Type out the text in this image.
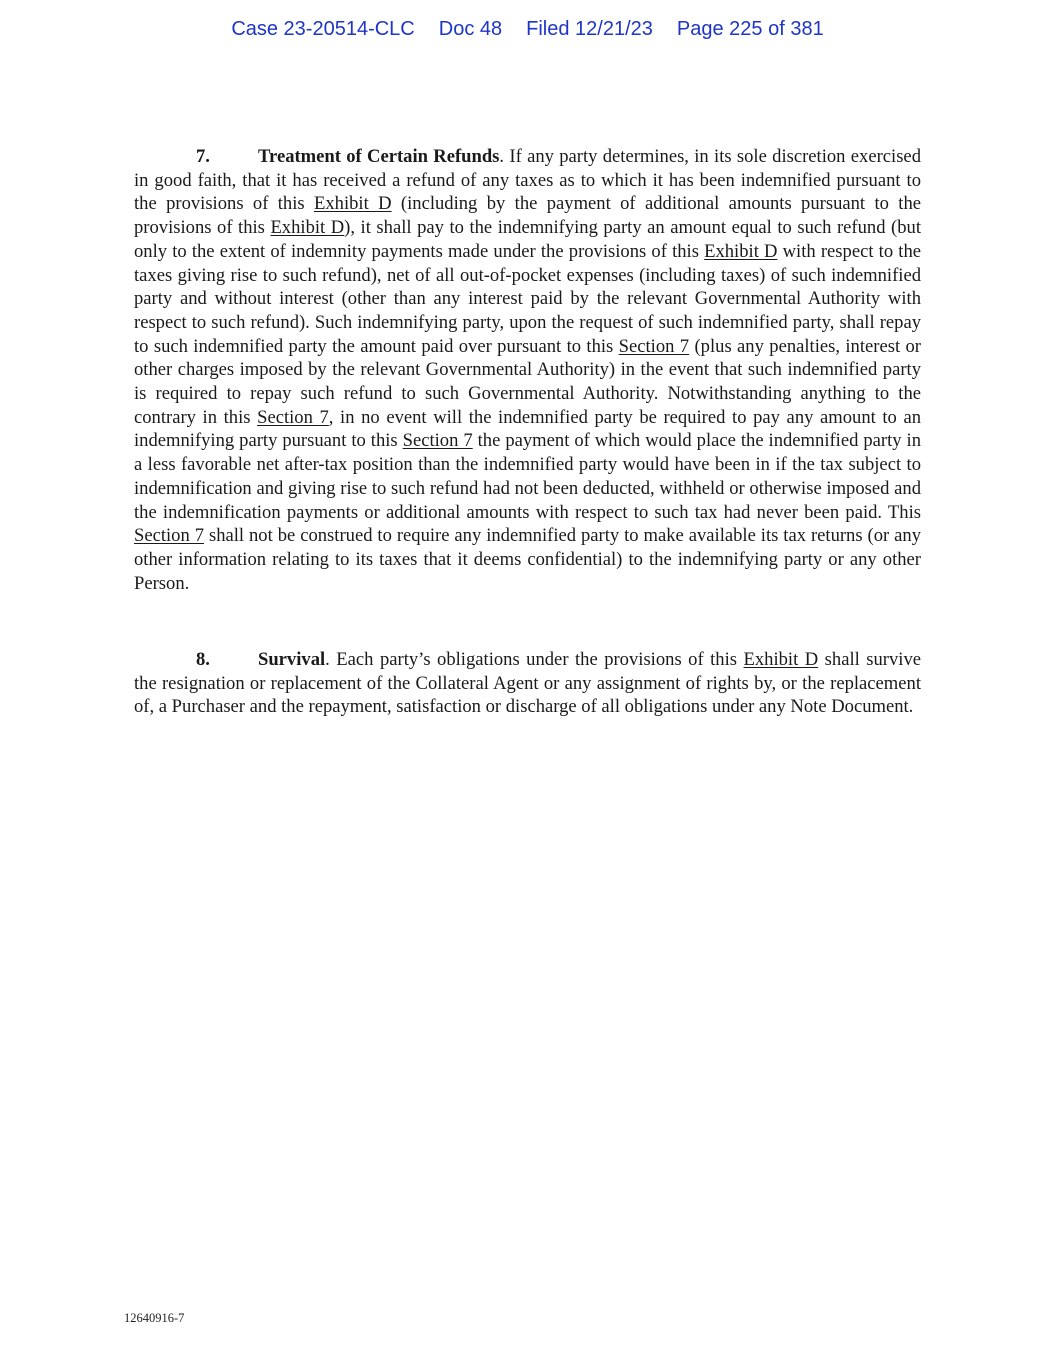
Case 23-20514-CLC Doc 48 Filed 12/21/23 Page 225 of 381

7.	Treatment of Certain Refunds. If any party determines, in its sole discretion exercised in good faith, that it has received a refund of any taxes as to which it has been indemnified pursuant to the provisions of this Exhibit D (including by the payment of additional amounts pursuant to the provisions of this Exhibit D), it shall pay to the indemnifying party an amount equal to such refund (but only to the extent of indemnity payments made under the provisions of this Exhibit D with respect to the taxes giving rise to such refund), net of all out-of-pocket expenses (including taxes) of such indemnified party and without interest (other than any interest paid by the relevant Governmental Authority with respect to such refund). Such indemnifying party, upon the request of such indemnified party, shall repay to such indemnified party the amount paid over pursuant to this Section 7 (plus any penalties, interest or other charges imposed by the relevant Governmental Authority) in the event that such indemnified party is required to repay such refund to such Governmental Authority. Notwithstanding anything to the contrary in this Section 7, in no event will the indemnified party be required to pay any amount to an indemnifying party pursuant to this Section 7 the payment of which would place the indemnified party in a less favorable net after-tax position than the indemnified party would have been in if the tax subject to indemnification and giving rise to such refund had not been deducted, withheld or otherwise imposed and the indemnification payments or additional amounts with respect to such tax had never been paid. This Section 7 shall not be construed to require any indemnified party to make available its tax returns (or any other information relating to its taxes that it deems confidential) to the indemnifying party or any other Person.

8.	Survival. Each party’s obligations under the provisions of this Exhibit D shall survive the resignation or replacement of the Collateral Agent or any assignment of rights by, or the replacement of, a Purchaser and the repayment, satisfaction or discharge of all obligations under any Note Document.

12640916-7
